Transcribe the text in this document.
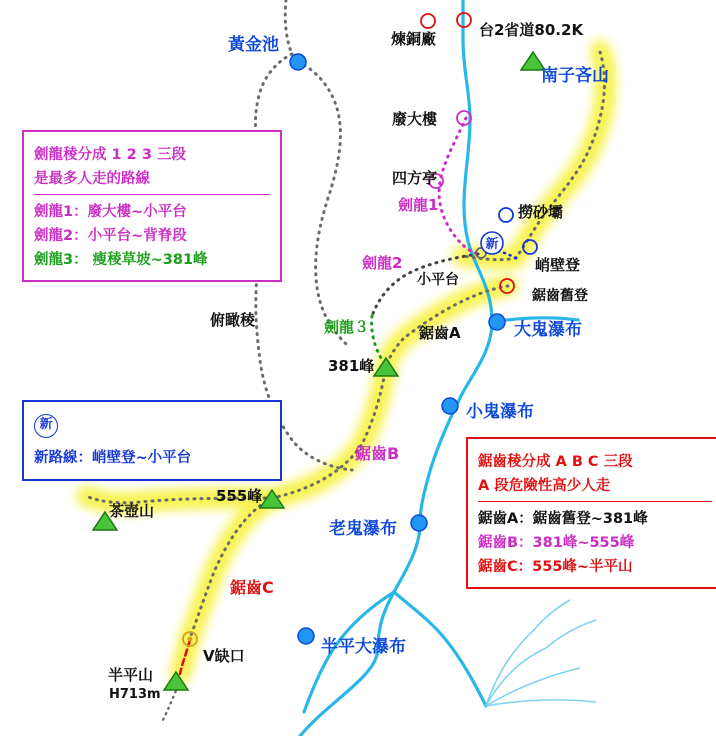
新
黃金池	煉銅廠	台2省道80.2K
南子吝山
廢大樓
四方亭
劍龍1	撈砂壩
劍龍2
小平台
峭壁登
鋸齒舊登
大鬼瀑布
鋸齒A
劍龍３
俯瞰稜
381峰
小鬼瀑布
鋸齒B
555峰
茶壺山
老鬼瀑布
鋸齒C
V缺口	半平大瀑布
半平山
H713m
劍龍稜分成 1 2 3 三段
是最多人走的路線
劍龍1：廢大樓~小平台
劍龍2：小平台~背脊段
劍龍3： 瘦稜草坡~381峰
新
新路線：峭壁登~小平台	鋸齒稜分成 A B C 三段
A 段危險性高少人走
鋸齒A：鋸齒舊登~381峰
鋸齒B：381峰~555峰
鋸齒C：555峰~半平山
